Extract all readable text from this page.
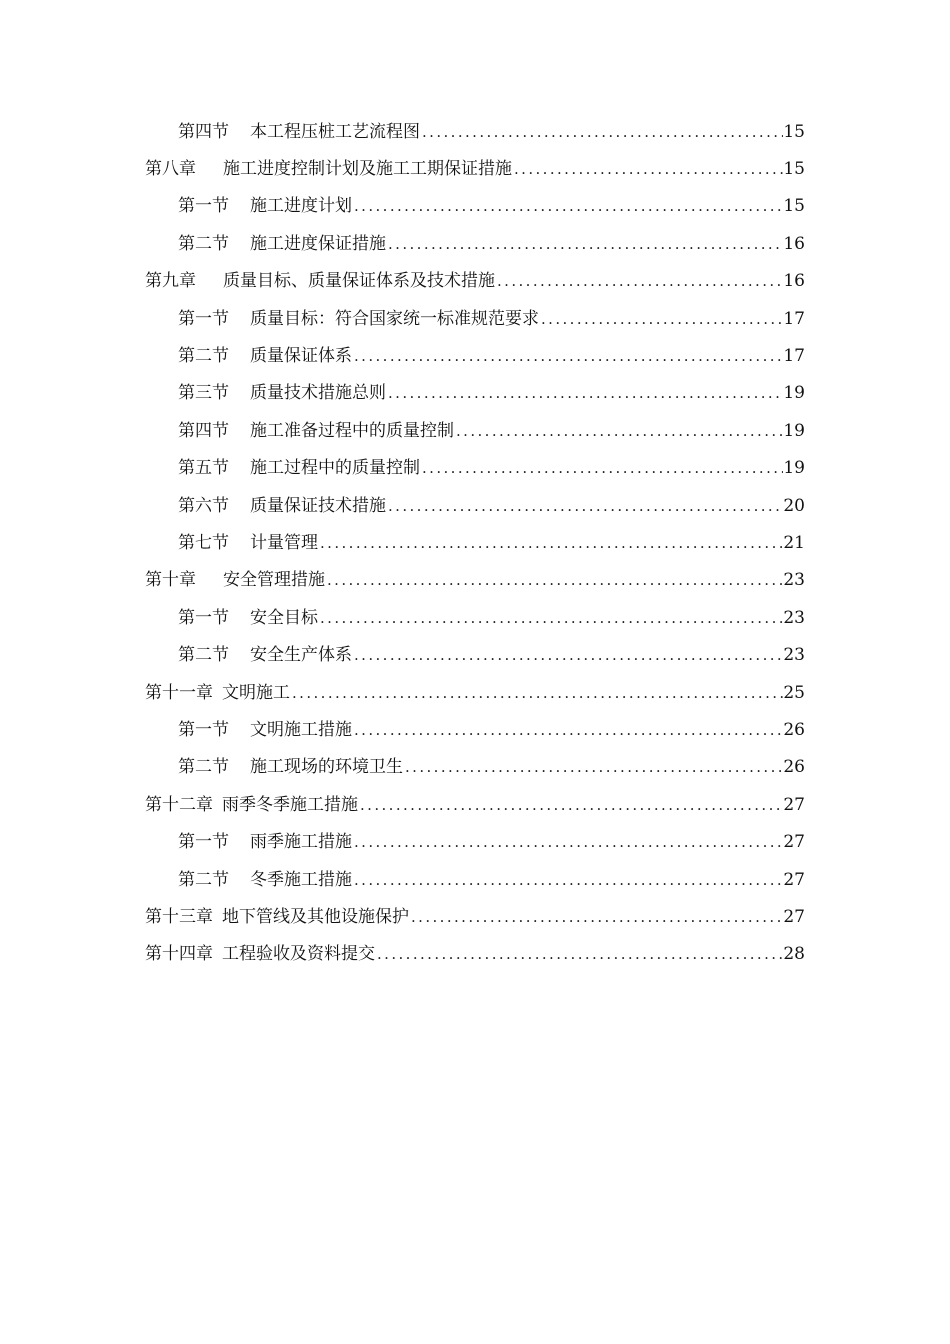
第四节 本工程压桩工艺流程图 .....	15
第八章 施工进度控制计划及施工工期保证措施 .....	15
第一节 施工进度计划 .....	15
第二节 施工进度保证措施 .....	16
第九章 质量目标、质量保证体系及技术措施 .....	16
第一节 质量目标：符合国家统一标准规范要求 .....	17
第二节 质量保证体系 .....	17
第三节 质量技术措施总则 .....	19
第四节 施工准备过程中的质量控制 .....	19
第五节 施工过程中的质量控制 .....	19
第六节 质量保证技术措施 .....	20
第七节 计量管理 .....	21
第十章 安全管理措施 .....	23
第一节 安全目标 .....	23
第二节 安全生产体系 .....	23
第十一章 文明施工 .....	25
第一节 文明施工措施 .....	26
第二节 施工现场的环境卫生 .....	26
第十二章 雨季冬季施工措施 .....	27
第一节 雨季施工措施 .....	27
第二节 冬季施工措施 .....	27
第十三章 地下管线及其他设施保护 .....	27
第十四章 工程验收及资料提交 .....	28
